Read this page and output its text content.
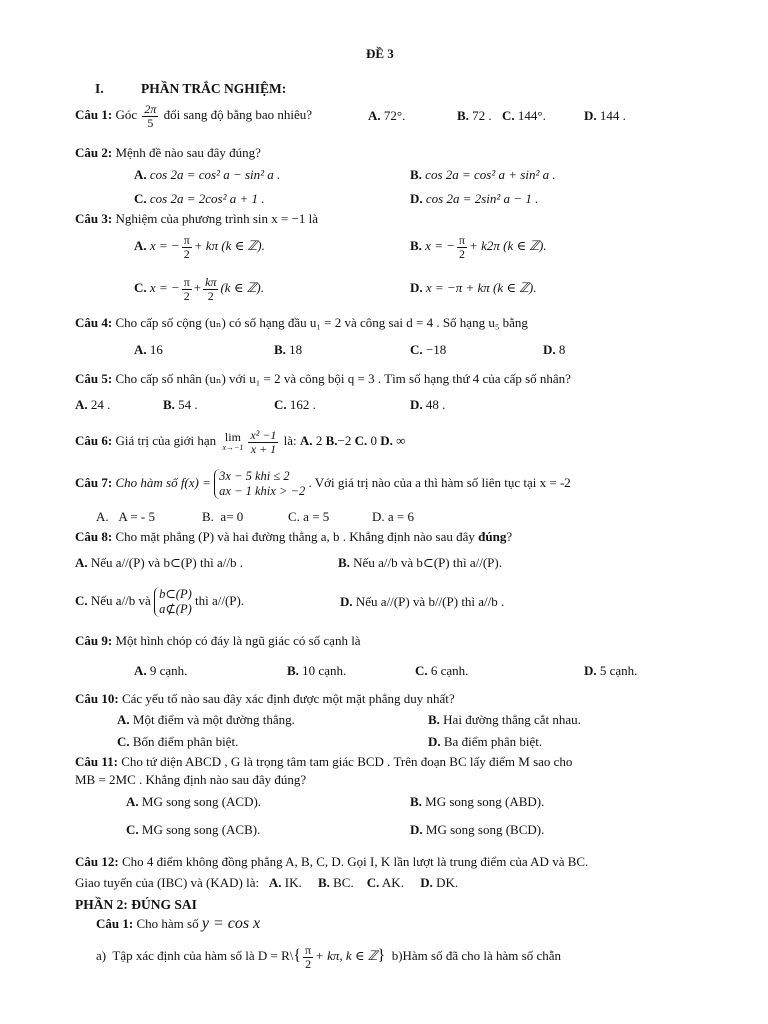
ĐỀ 3
I.	PHẦN TRẮC NGHIỆM:
Câu 1: Góc $\frac{2\pi}{5}$ đổi sang độ bằng bao nhiêu?	A. 72°.	B. 72 . C. 144°.	D. 144 .
Câu 2: Mệnh đề nào sau đây đúng?
A. cos 2a = cos² a − sin² a .	B. cos 2a = cos² a + sin² a .
C. cos 2a = 2cos² a + 1 .	D. cos 2a = 2sin² a − 1 .
Câu 3: Nghiệm của phương trình sin x = −1 là
A. x = − $\frac{\pi}{2} + k\pi$ (k ∈ ℤ).	B. x = − $\frac{\pi}{2} + k2\pi$ (k ∈ ℤ).
C. x = − $\frac{\pi}{2} + \frac{k\pi}{2} (k$ ∈ ℤ).	D. x = −π + kπ (k ∈ ℤ).
Câu 4: Cho cấp số cộng (uₙ) có số hạng đầu u₁ = 2 và công sai d = 4 . Số hạng u₅ bằng
A. 16	B. 18	C. −18	D. 8
Câu 5: Cho cấp số nhân (uₙ) với u₁ = 2 và công bội q = 3 . Tìm số hạng thứ 4 của cấp số nhân?
A. 24 .	B. 54 .	C. 162 .	D. 48 .
Câu 6: Giá trị của giới hạn lim
$x\to-1 \frac{\text{x² −1}}{x + 1}$ là: A. 2 B.−2 C. 0 D. ∞
Câu 7: Cho hàm số f(x) = 3x − 5 khi ≤ 2
ax − 1 khix > −2
. Với giá trị nào của a thì hàm số liên tục tại x = -2
A. A = - 5	B. a= 0	C. a = 5	D. a = 6
Câu 8: Cho mặt phẳng (P) và hai đường thẳng a, b . Khẳng định nào sau đây đúng?
A. Nếu a//(P) và b⊂(P) thì a//b .	B. Nếu a//b và b⊂(P) thì a//(P).
C. Nếu a//b và b⊂(P)
a⊄(P)
thì a//(P).	D. Nếu a//(P) và b//(P) thì a//b .
Câu 9: Một hình chóp có đáy là ngũ giác có số cạnh là
A. 9 cạnh.	B. 10 cạnh.	C. 6 cạnh.	D. 5 cạnh.
Câu 10: Các yếu tố nào sau đây xác định được một mặt phẳng duy nhất?
A. Một điểm và một đường thẳng.	B. Hai đường thẳng cắt nhau.
C. Bốn điểm phân biệt.	D. Ba điểm phân biệt.
Câu 11: Cho tứ diện ABCD , G là trọng tâm tam giác BCD . Trên đoạn BC lấy điểm M sao cho
MB = 2MC . Khẳng định nào sau đây đúng?
A. MG song song (ACD).	B. MG song song (ABD).
C. MG song song (ACB).	D. MG song song (BCD).
Câu 12: Cho 4 điểm không đồng phẳng A, B, C, D. Gọi I, K lần lượt là trung điểm của AD và BC.
Giao tuyến của (IBC) và (KAD) là: A. IK. B. BC. C. AK. D. DK.
PHẦN 2: ĐÚNG SAI
Câu 1: Cho hàm số y = cos x
a) Tập xác định của hàm số là D = R\{ $\frac{\pi}{2} + k\pi$, k ∈ ℤ} b)Hàm số đã cho là hàm số chẵn
